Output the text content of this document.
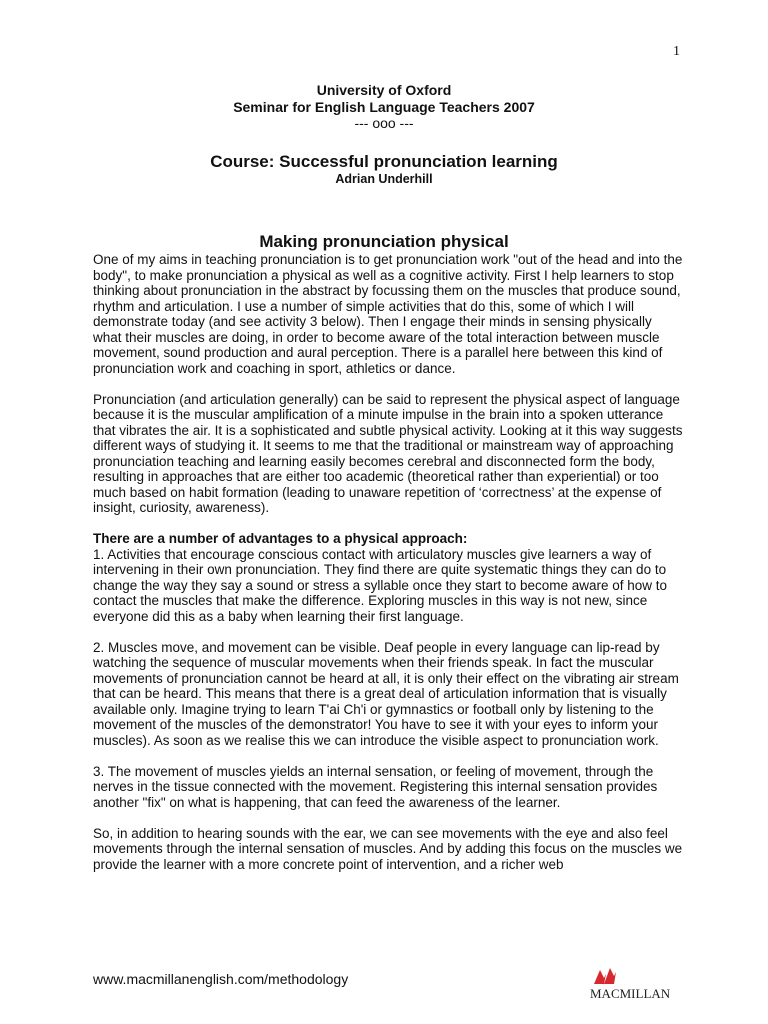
1
University of Oxford
Seminar for English Language Teachers 2007
--- ooo ---
Course: Successful pronunciation learning
Adrian Underhill
Making pronunciation physical

One of my aims in teaching pronunciation is to get pronunciation work "out of the head and into the body", to make pronunciation a physical as well as a cognitive activity. First I help learners to stop thinking about pronunciation in the abstract by focussing them on the muscles that produce sound, rhythm and articulation. I use a number of simple activities that do this, some of which I will demonstrate today (and see activity 3 below). Then I engage their minds in sensing physically what their muscles are doing, in order to become aware of the total interaction between muscle movement, sound production and aural perception. There is a parallel here between this kind of pronunciation work and coaching in sport, athletics or dance.

Pronunciation (and articulation generally) can be said to represent the physical aspect of language because it is the muscular amplification of a minute impulse in the brain into a spoken utterance that vibrates the air. It is a sophisticated and subtle physical activity. Looking at it this way suggests different ways of studying it. It seems to me that the traditional or mainstream way of approaching pronunciation teaching and learning easily becomes cerebral and disconnected form the body, resulting in approaches that are either too academic (theoretical rather than experiential) or too much based on habit formation (leading to unaware repetition of ‘correctness’ at the expense of insight, curiosity, awareness).

There are a number of advantages to a physical approach:

1. Activities that encourage conscious contact with articulatory muscles give learners a way of intervening in their own pronunciation. They find there are quite systematic things they can do to change the way they say a sound or stress a syllable once they start to become aware of how to contact the muscles that make the difference. Exploring muscles in this way is not new, since everyone did this as a baby when learning their first language.

2. Muscles move, and movement can be visible. Deaf people in every language can lip-read by watching the sequence of muscular movements when their friends speak. In fact the muscular movements of pronunciation cannot be heard at all, it is only their effect on the vibrating air stream that can be heard. This means that there is a great deal of articulation information that is visually available only. Imagine trying to learn T'ai Ch'i or gymnastics or football only by listening to the movement of the muscles of the demonstrator! You have to see it with your eyes to inform your muscles). As soon as we realise this we can introduce the visible aspect to pronunciation work.

3. The movement of muscles yields an internal sensation, or feeling of movement, through the nerves in the tissue connected with the movement. Registering this internal sensation provides another "fix" on what is happening, that can feed the awareness of the learner.

So, in addition to hearing sounds with the ear, we can see movements with the eye and also feel movements through the internal sensation of muscles. And by adding this focus on the muscles we provide the learner with a more concrete point of intervention, and a richer web

www.macmillanenglish.com/methodology
MACMILLAN
